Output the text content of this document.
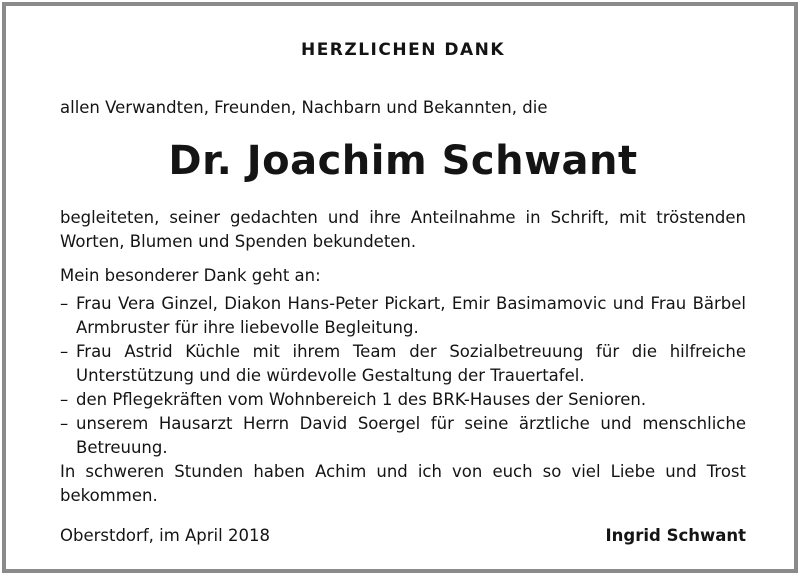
HERZLICHEN DANK
allen Verwandten, Freunden, Nachbarn und Bekannten, die
Dr. Joachim Schwant
begleiteten, seiner gedachten und ihre Anteilnahme in Schrift, mit tröstenden Worten, Blumen und Spenden bekundeten.
Mein besonderer Dank geht an:
– Frau Vera Ginzel, Diakon Hans-Peter Pickart, Emir Basimamovic und Frau Bärbel Armbruster für ihre liebevolle Begleitung.
– Frau Astrid Küchle mit ihrem Team der Sozialbetreuung für die hilfreiche Unterstützung und die würdevolle Gestaltung der Trauertafel.
– den Pflegekräften vom Wohnbereich 1 des BRK-Hauses der Senioren.
– unserem Hausarzt Herrn David Soergel für seine ärztliche und menschliche Betreuung.
In schweren Stunden haben Achim und ich von euch so viel Liebe und Trost bekommen.
Oberstdorf, im April 2018	Ingrid Schwant
